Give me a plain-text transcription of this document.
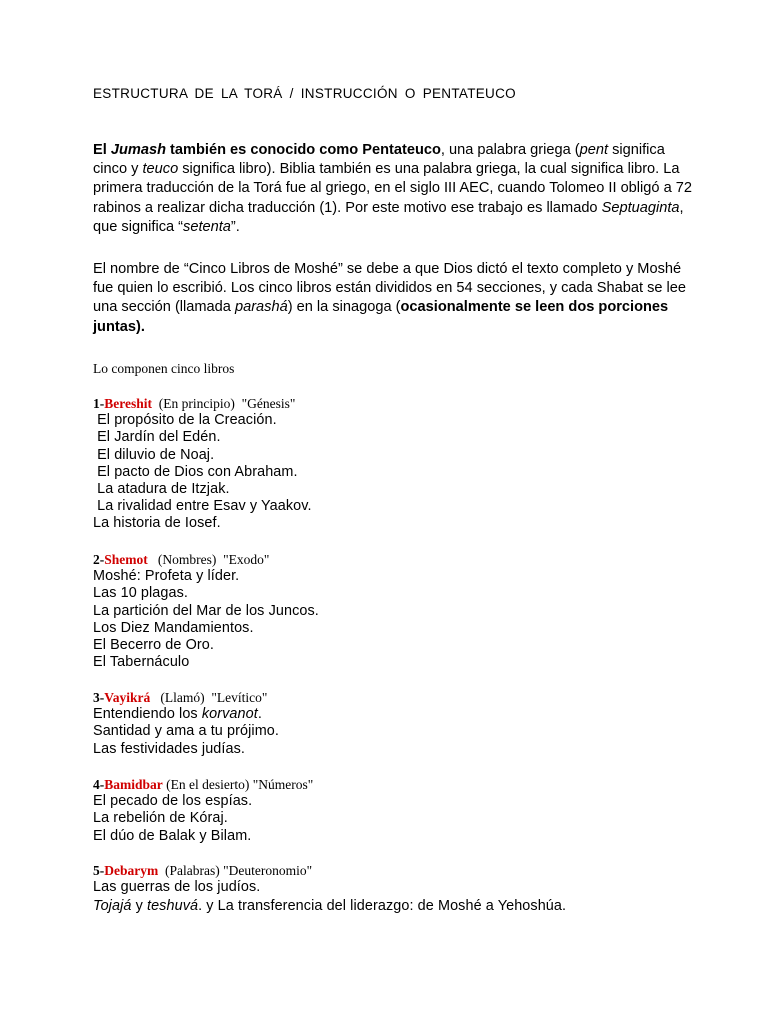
ESTRUCTURA DE LA TORÁ / INSTRUCCIÓN O PENTATEUCO
El Jumash también es conocido como Pentateuco, una palabra griega (pent significa cinco y teuco significa libro). Biblia también es una palabra griega, la cual significa libro. La primera traducción de la Torá fue al griego, en el siglo III AEC, cuando Tolomeo II obligó a 72 rabinos a realizar dicha traducción (1). Por este motivo ese trabajo es llamado Septuaginta, que significa “setenta”.
El nombre de “Cinco Libros de Moshé” se debe a que Dios dictó el texto completo y Moshé fue quien lo escribió. Los cinco libros están divididos en 54 secciones, y cada Shabat se lee una sección (llamada parashá) en la sinagoga (ocasionalmente se leen dos porciones juntas).
Lo componen cinco libros
1-Bereshit  (En principio)  "Génesis"
El propósito de la Creación.
El Jardín del Edén.
El diluvio de Noaj.
El pacto de Dios con Abraham.
La atadura de Itzjak.
La rivalidad entre Esav y Yaakov.
La historia de Iosef.
2-Shemot   (Nombres)  "Exodo"
Moshé: Profeta y líder.
Las 10 plagas.
La partición del Mar de los Juncos.
Los Diez Mandamientos.
El Becerro de Oro.
El Tabernáculo
3-Vayikrá   (Llamó)  "Levítico"
Entendiendo los korvanot.
Santidad y ama a tu prójimo.
Las festividades judías.
4-Bamidbar (En el desierto) "Números"
El pecado de los espías.
La rebelión de Kóraj.
El dúo de Balak y Bilam.
5-Debarym  (Palabras) "Deuteronomio"
Las guerras de los judíos.
Tojajá y teshuvá. y La transferencia del liderazgo: de Moshé a Yehoshúa.
